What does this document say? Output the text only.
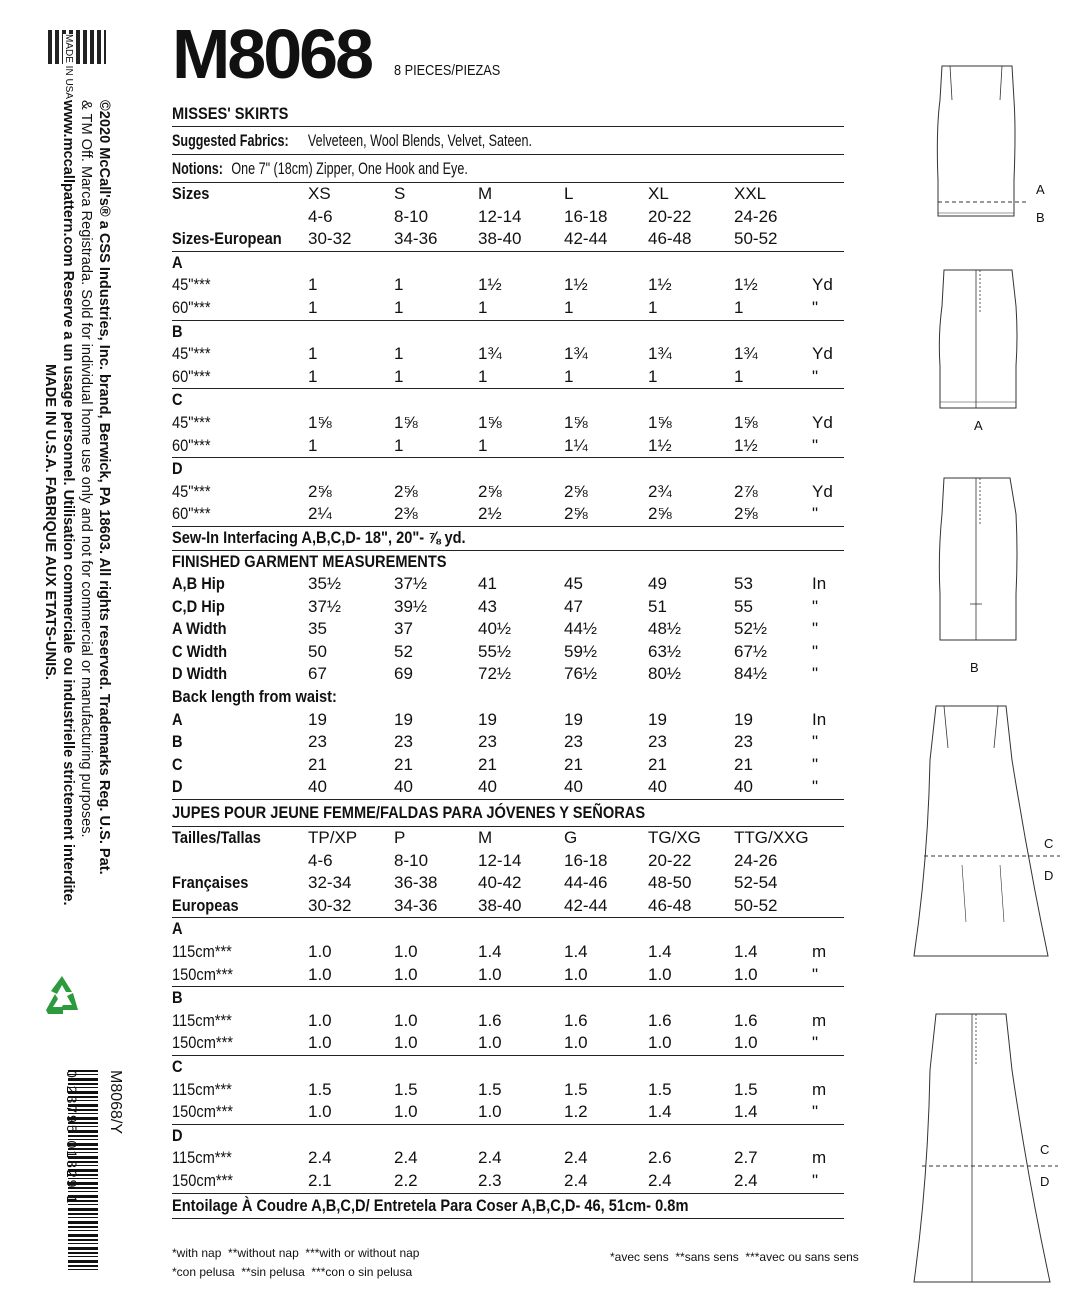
MADE IN USA
©2020 McCall's® a CSS Industries, Inc. brand, Berwick, PA 18603. All rights reserved. Trademarks Reg. U.S. Pat.
& TM Off. Marca Registrada. Sold for individual home use only and not for commercial or manufacturing purposes.
www.mccallpattern.com Reserve a un usage personnel. Utilisation commerciale ou industrielle strictement interdite.
MADE IN U.S.A. FABRIQUE AUX ETATS-UNIS.
M8068/Y
0 23795 01329 1
M8068 8 PIECES/PIEZAS
MISSES' SKIRTS
Suggested Fabrics: Velveteen, Wool Blends, Velvet, Sateen.
Notions: One 7" (18cm) Zipper, One Hook and Eye.
Sizes	XS	S	M	L	XL	XXL
4-6	8-10	12-14	16-18 20-22	24-26
Sizes-European	30-32	34-36 38-40	42-44 46-48	50-52
A
45"***	1	1	1½	1½	1½	1½	Yd
60"***	1	1	1	1	1	1	"
B
45"***	1	1	1¾	1¾	1¾	1¾	Yd
60"***	1	1	1	1	1	1	"
C
45"***	1⅝	1⅝	1⅝	1⅝	1⅝	1⅝	Yd
60"***	1	1	1	1¼	1½	1½	"
D
45"***	2⅝	2⅝	2⅝	2⅝	2¾	2⅞	Yd
60"***	2¼	2⅜	2½	2⅝	2⅝	2⅝	"
Sew-In Interfacing A,B,C,D- 18", 20"- ⅞ yd.
FINISHED GARMENT MEASUREMENTS
A,B Hip	35½	37½	41	45	49	53	In
C,D Hip	37½	39½	43	47	51	55	"
A Width	35	37	40½	44½	48½	52½	"
C Width	50	52	55½	59½	63½	67½	"
D Width	67	69	72½	76½	80½	84½	"
Back length from waist:
A	19	19	19	19	19	19	In
B	23	23	23	23	23	23	"
C	21	21	21	21	21	21	"
D	40	40	40	40	40	40	"
JUPES POUR JEUNE FEMME/FALDAS PARA JÓVENES Y SEÑORAS
Tailles/Tallas	TP/XP P	M	G	TG/XG TTG/XXG
4-6	8-10	12-14	16-18 20-22	24-26
Françaises	32-34	36-38 40-42	44-46 48-50	52-54
Europeas	30-32	34-36 38-40	42-44 46-48	50-52
A
115cm***	1.0	1.0	1.4	1.4	1.4	1.4	m
150cm***	1.0	1.0	1.0	1.0	1.0	1.0	"
B
115cm***	1.0	1.0	1.6	1.6	1.6	1.6	m
150cm***	1.0	1.0	1.0	1.0	1.0	1.0	"
C
115cm***	1.5	1.5	1.5	1.5	1.5	1.5	m
150cm***	1.0	1.0	1.0	1.2	1.4	1.4	"
D
115cm***	2.4	2.4	2.4	2.4	2.6	2.7	m
150cm***	2.1	2.2	2.3	2.4	2.4	2.4	"
Entoilage À Coudre A,B,C,D/ Entretela Para Coser A,B,C,D- 46, 51cm- 0.8m
*with nap  **without nap  ***with or without nap
*con pelusa  **sin pelusa  ***con o sin pelusa
*avec sens  **sans sens  ***avec ou sans sens
A
B
A
B
C
D
C
D
